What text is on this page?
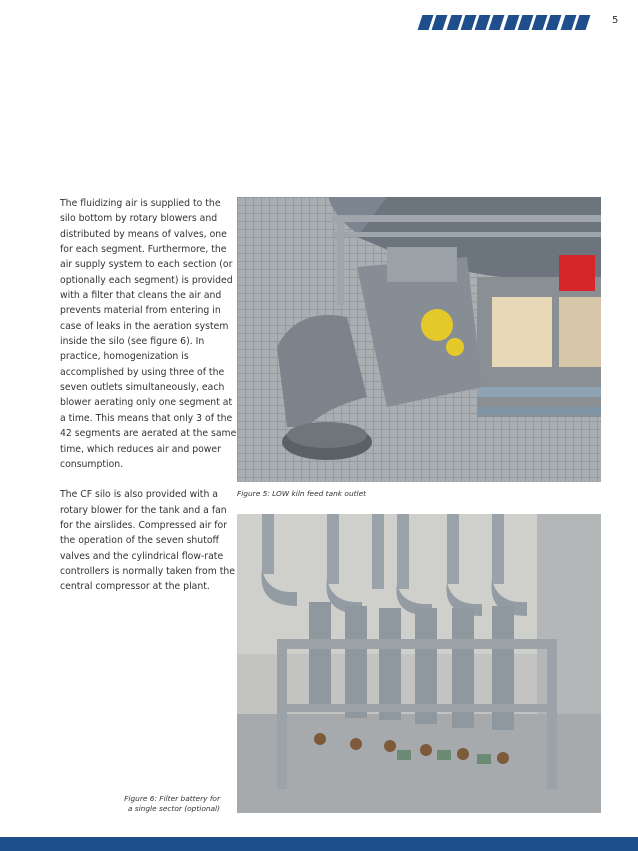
5

The fluidizing air is supplied to the silo bottom by rotary blowers and distributed by means of valves, one for each segment. Furthermore, the air supply system to each section (or optionally each segment) is provided with a filter that cleans the air and prevents material from entering in case of leaks in the aeration system inside the silo (see figure 6). In practice, homogenization is accomplished by using three of the seven outlets simultaneously, each blower aerating only one segment at a time. This means that only 3 of the 42 segments are aerated at the same time, which reduces air and power consumption.

The CF silo is also provided with a rotary blower for the tank and a fan for the airslides. Compressed air for the operation of the seven shutoff valves and the cylindrical flow-rate controllers is normally taken from the central compressor at the plant.

Figure 5: LOW kiln feed tank outlet
Figure 6: Filter battery for
a single sector (optional)
